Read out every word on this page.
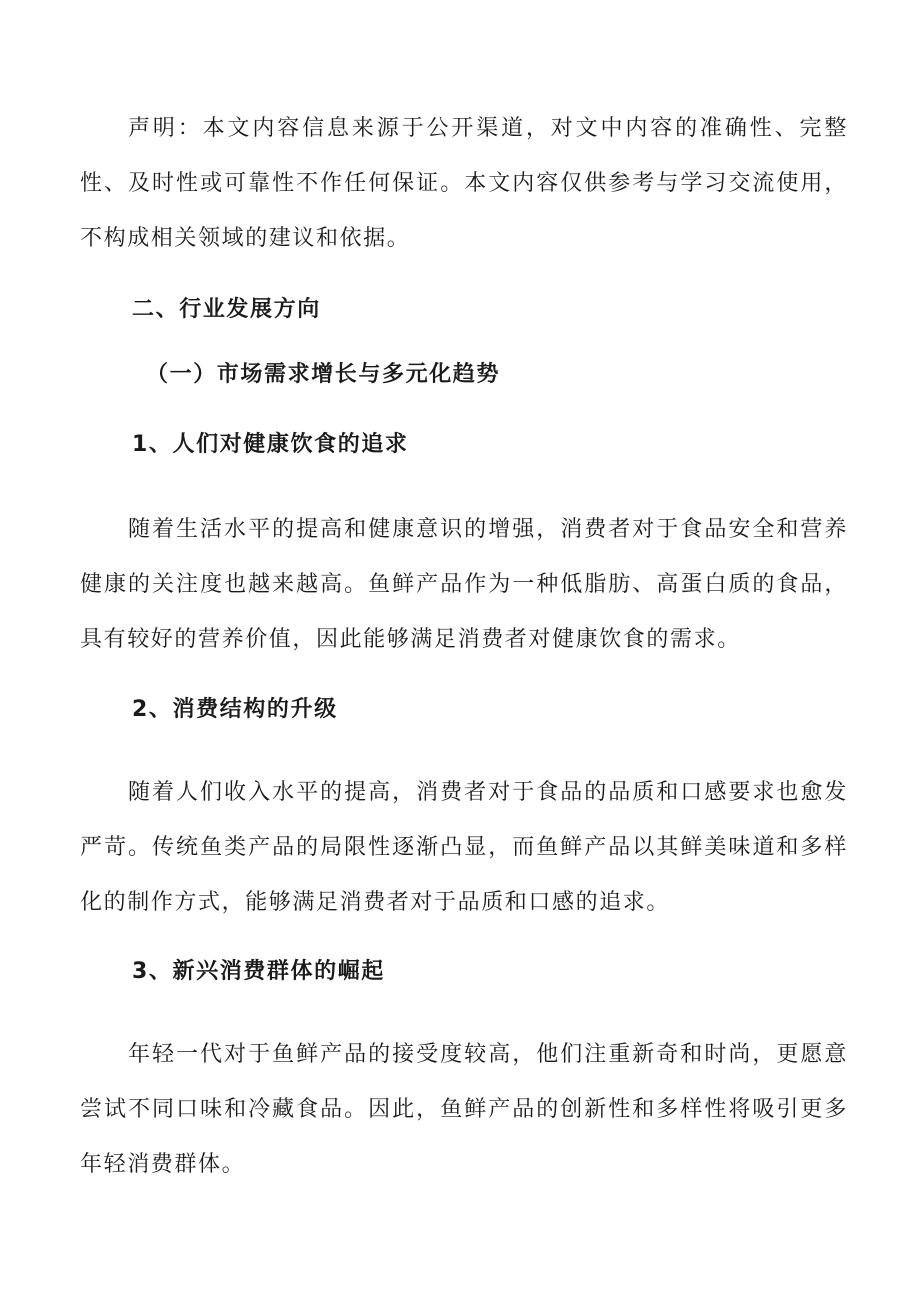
声明：本文内容信息来源于公开渠道，对文中内容的准确性、完整性、及时性或可靠性不作任何保证。本文内容仅供参考与学习交流使用，不构成相关领域的建议和依据。

二、行业发展方向
（一）市场需求增长与多元化趋势
1、人们对健康饮食的追求

随着生活水平的提高和健康意识的增强，消费者对于食品安全和营养健康的关注度也越来越高。鱼鲜产品作为一种低脂肪、高蛋白质的食品，具有较好的营养价值，因此能够满足消费者对健康饮食的需求。

2、消费结构的升级

随着人们收入水平的提高，消费者对于食品的品质和口感要求也愈发严苛。传统鱼类产品的局限性逐渐凸显，而鱼鲜产品以其鲜美味道和多样化的制作方式，能够满足消费者对于品质和口感的追求。

3、新兴消费群体的崛起

年轻一代对于鱼鲜产品的接受度较高，他们注重新奇和时尚，更愿意尝试不同口味和冷藏食品。因此，鱼鲜产品的创新性和多样性将吸引更多年轻消费群体。
